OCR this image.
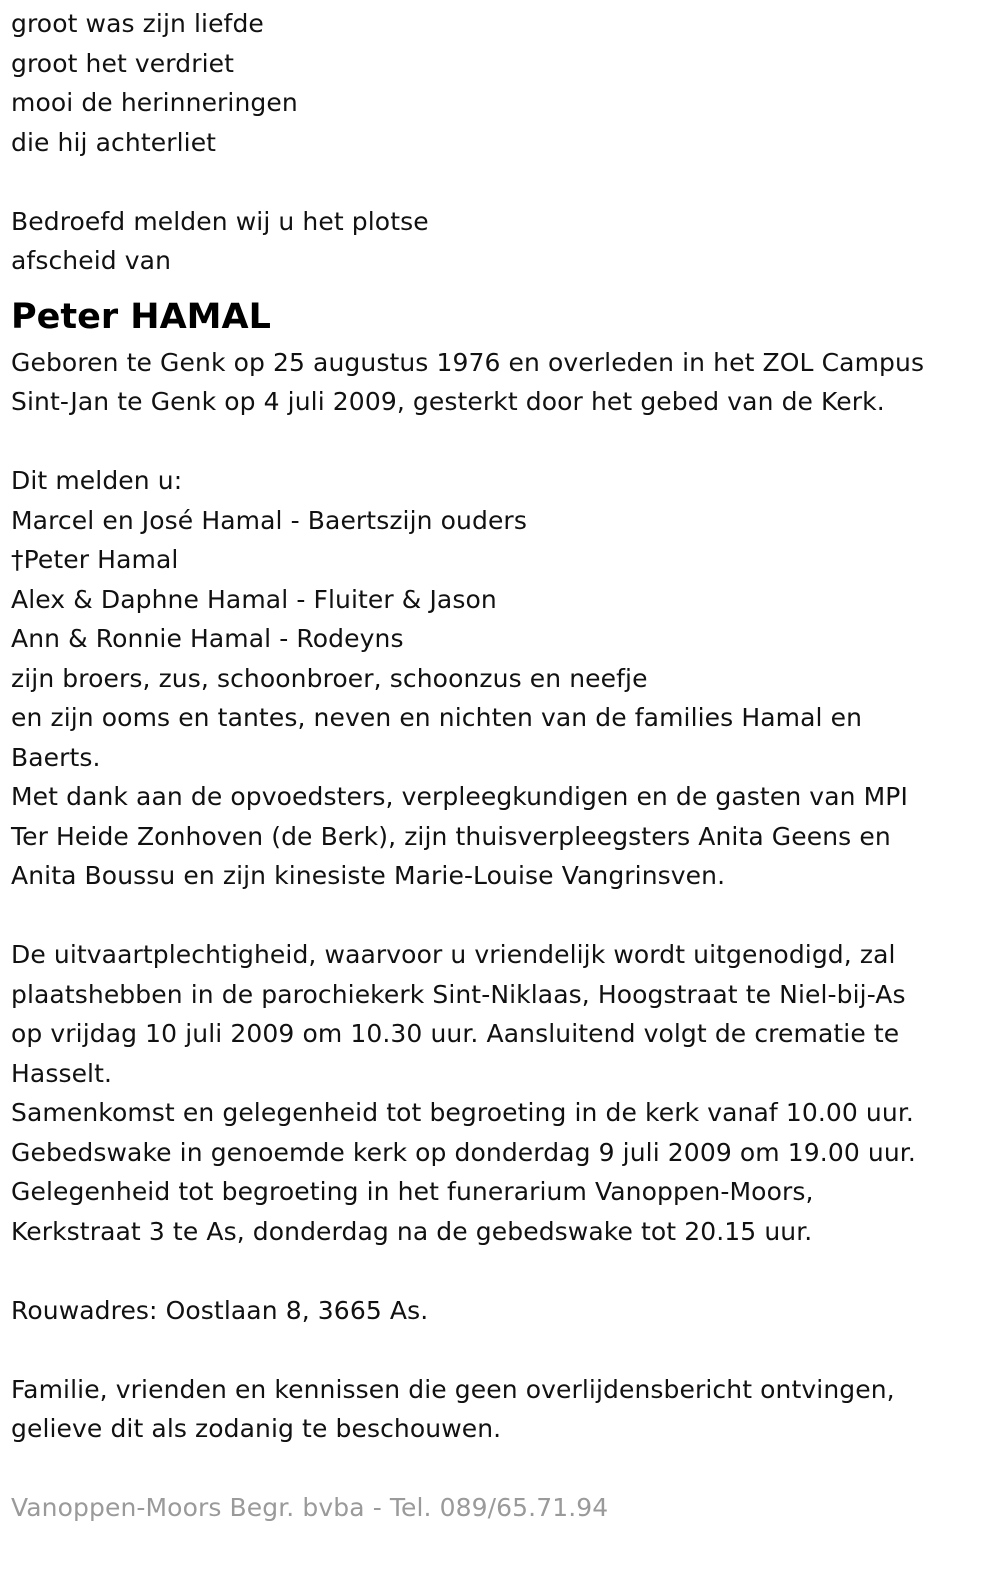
groot was zijn liefde
groot het verdriet
mooi de herinneringen
die hij achterliet
Bedroefd melden wij u het plotse
afscheid van
Peter HAMAL
Geboren te Genk op 25 augustus 1976 en overleden in het ZOL Campus
Sint-Jan te Genk op 4 juli 2009, gesterkt door het gebed van de Kerk.
Dit melden u:
Marcel en José Hamal - Baertszijn ouders
†Peter Hamal
Alex & Daphne Hamal - Fluiter & Jason
Ann & Ronnie Hamal - Rodeyns
zijn broers, zus, schoonbroer, schoonzus en neefje
en zijn ooms en tantes, neven en nichten van de families Hamal en
Baerts.
Met dank aan de opvoedsters, verpleegkundigen en de gasten van MPI
Ter Heide Zonhoven (de Berk), zijn thuisverpleegsters Anita Geens en
Anita Boussu en zijn kinesiste Marie-Louise Vangrinsven.
De uitvaartplechtigheid, waarvoor u vriendelijk wordt uitgenodigd, zal
plaatshebben in de parochiekerk Sint-Niklaas, Hoogstraat te Niel-bij-As
op vrijdag 10 juli 2009 om 10.30 uur. Aansluitend volgt de crematie te
Hasselt.
Samenkomst en gelegenheid tot begroeting in de kerk vanaf 10.00 uur.
Gebedswake in genoemde kerk op donderdag 9 juli 2009 om 19.00 uur.
Gelegenheid tot begroeting in het funerarium Vanoppen-Moors,
Kerkstraat 3 te As, donderdag na de gebedswake tot 20.15 uur.
Rouwadres: Oostlaan 8, 3665 As.
Familie, vrienden en kennissen die geen overlijdensbericht ontvingen,
gelieve dit als zodanig te beschouwen.
Vanoppen-Moors Begr. bvba - Tel. 089/65.71.94
